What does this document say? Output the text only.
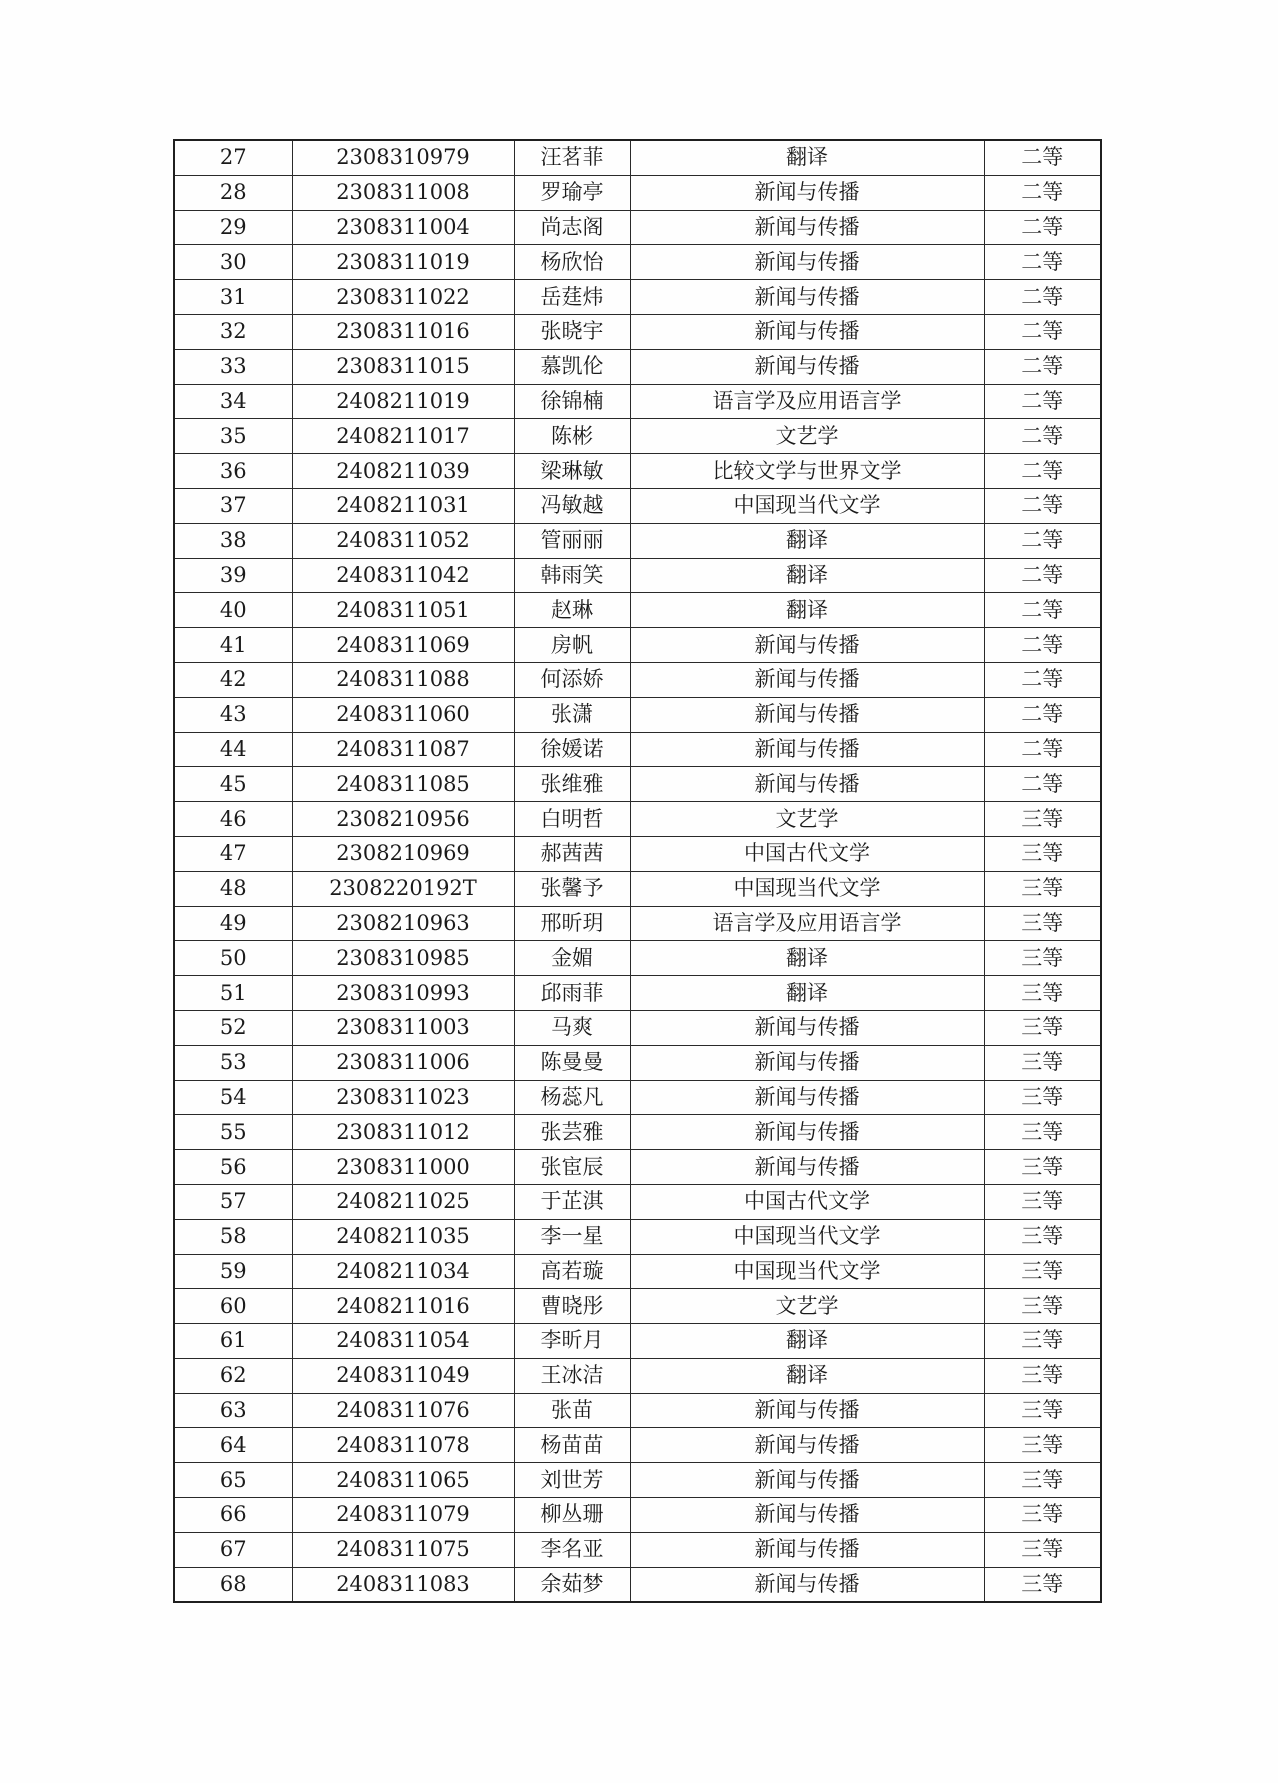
27	2308310979	汪茗菲	翻译	二等
28	2308311008	罗瑜亭	新闻与传播	二等
29	2308311004	尚志阁	新闻与传播	二等
30	2308311019	杨欣怡	新闻与传播	二等
31	2308311022	岳莛炜	新闻与传播	二等
32	2308311016	张晓宇	新闻与传播	二等
33	2308311015	慕凯伦	新闻与传播	二等
34	2408211019	徐锦楠	语言学及应用语言学	二等
35	2408211017	陈彬	文艺学	二等
36	2408211039	梁琳敏	比较文学与世界文学	二等
37	2408211031	冯敏越	中国现当代文学	二等
38	2408311052	管丽丽	翻译	二等
39	2408311042	韩雨笑	翻译	二等
40	2408311051	赵琳	翻译	二等
41	2408311069	房帆	新闻与传播	二等
42	2408311088	何添娇	新闻与传播	二等
43	2408311060	张潇	新闻与传播	二等
44	2408311087	徐媛诺	新闻与传播	二等
45	2408311085	张维雅	新闻与传播	二等
46	2308210956	白明哲	文艺学	三等
47	2308210969	郝茜茜	中国古代文学	三等
48	2308220192T	张馨予	中国现当代文学	三等
49	2308210963	邢昕玥	语言学及应用语言学	三等
50	2308310985	金媚	翻译	三等
51	2308310993	邱雨菲	翻译	三等
52	2308311003	马爽	新闻与传播	三等
53	2308311006	陈曼曼	新闻与传播	三等
54	2308311023	杨蕊凡	新闻与传播	三等
55	2308311012	张芸雅	新闻与传播	三等
56	2308311000	张宦辰	新闻与传播	三等
57	2408211025	于芷淇	中国古代文学	三等
58	2408211035	李一星	中国现当代文学	三等
59	2408211034	高若璇	中国现当代文学	三等
60	2408211016	曹晓彤	文艺学	三等
61	2408311054	李昕月	翻译	三等
62	2408311049	王冰洁	翻译	三等
63	2408311076	张苗	新闻与传播	三等
64	2408311078	杨苗苗	新闻与传播	三等
65	2408311065	刘世芳	新闻与传播	三等
66	2408311079	柳丛珊	新闻与传播	三等
67	2408311075	李名亚	新闻与传播	三等
68	2408311083	余茹梦	新闻与传播	三等
